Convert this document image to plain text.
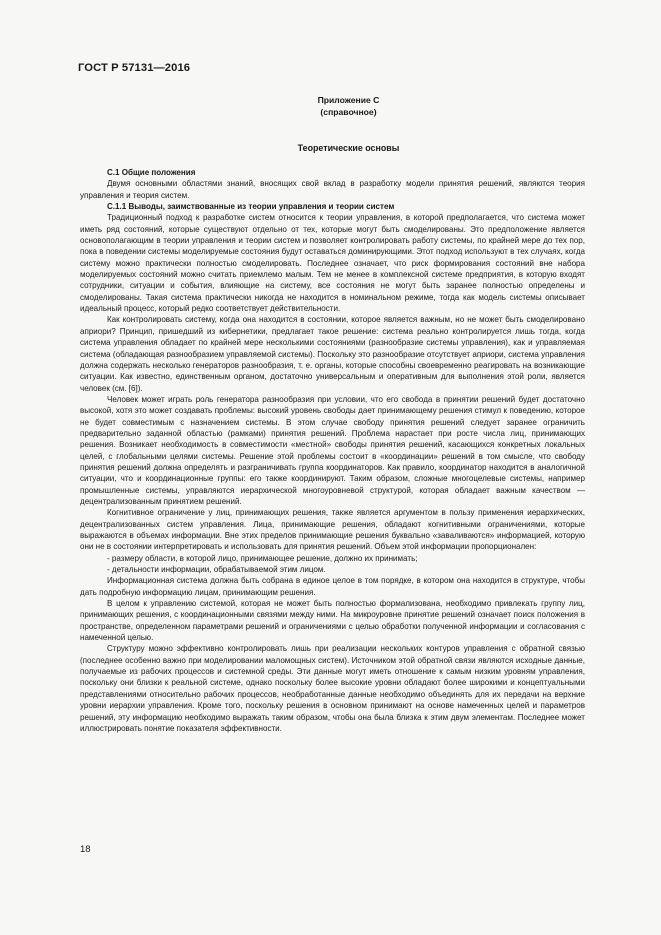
ГОСТ Р 57131—2016
Приложение С
(справочное)
Теоретические основы

С.1 Общие положения

Двумя основными областями знаний, вносящих свой вклад в разработку модели принятия решений, являются теория управления и теория систем.

С.1.1 Выводы, заимствованные из теории управления и теории систем

Традиционный подход к разработке систем относится к теории управления, в которой предполагается, что система может иметь ряд состояний, которые существуют отдельно от тех, которые могут быть смоделированы. Это предположение является основополагающим в теории управления и теории систем и позволяет контролировать работу системы, по крайней мере до тех пор, пока в поведении системы моделируемые состояния будут оставаться доминирующими. Этот подход используют в тех случаях, когда систему можно практически полностью смоделировать. Последнее означает, что риск формирования состояний вне набора моделируемых состояний можно считать приемлемо малым. Тем не менее в комплексной системе предприятия, в которую входят сотрудники, ситуации и события, влияющие на систему, все состояния не могут быть заранее полностью определены и смоделированы. Такая система практически никогда не находится в номинальном режиме, тогда как модель системы описывает идеальный процесс, который редко соответствует действительности.

Как контролировать систему, когда она находится в состоянии, которое является важным, но не может быть смоделировано априори? Принцип, пришедший из кибернетики, предлагает такое решение: система реально контролируется лишь тогда, когда система управления обладает по крайней мере несколькими состояниями (разнообразие системы управления), как и управляемая система (обладающая разнообразием управляемой системы). Поскольку это разнообразие отсутствует априори, система управления должна содержать несколько генераторов разнообразия, т. е. органы, которые способны своевременно реагировать на возникающие ситуации. Как известно, единственным органом, достаточно универсальным и оперативным для выполнения этой роли, является человек (см. [6]).

Человек может играть роль генератора разнообразия при условии, что его свобода в принятии решений будет достаточно высокой, хотя это может создавать проблемы: высокий уровень свободы дает принимающему решения стимул к поведению, которое не будет совместимым с назначением системы. В этом случае свободу принятия решений следует заранее ограничить предварительно заданной областью (рамками) принятия решений. Проблема нарастает при росте числа лиц, принимающих решения. Возникает необходимость в совместимости «местной» свободы принятия решений, касающихся конкретных локальных целей, с глобальными целями системы. Решение этой проблемы состоит в «координации» решений в том смысле, что свободу принятия решений должна определять и разграничивать группа координаторов. Как правило, координатор находится в аналогичной ситуации, что и координационные группы: его также координируют. Таким образом, сложные многоцелевые системы, например промышленные системы, управляются иерархической многоуровневой структурой, которая обладает важным качеством — децентрализованным принятием решений.

Когнитивное ограничение у лиц, принимающих решения, также является аргументом в пользу применения иерархических, децентрализованных систем управления. Лица, принимающие решения, обладают когнитивными ограничениями, которые выражаются в объемах информации. Вне этих пределов принимающие решения буквально «заваливаются» информацией, которую они не в состоянии интерпретировать и использовать для принятия решений. Объем этой информации пропорционален:

- размеру области, в которой лицо, принимающее решение, должно их принимать;

- детальности информации, обрабатываемой этим лицом.

Информационная система должна быть собрана в единое целое в том порядке, в котором она находится в структуре, чтобы дать подробную информацию лицам, принимающим решения.

В целом к управлению системой, которая не может быть полностью формализована, необходимо привлекать группу лиц, принимающих решения, с координационными связями между ними. На микроуровне принятие решений означает поиск положения в пространстве, определенном параметрами решений и ограничениями с целью обработки полученной информации и согласования с намеченной целью.

Структуру можно эффективно контролировать лишь при реализации нескольких контуров управления с обратной связью (последнее особенно важно при моделировании маломощных систем). Источником этой обратной связи являются исходные данные, получаемые из рабочих процессов и системной среды. Эти данные могут иметь отношение к самым низким уровням управления, поскольку они близки к реальной системе, однако поскольку более высокие уровни обладают более широкими и концептуальными представлениями относительно рабочих процессов, необработанные данные необходимо объединять для их передачи на верхние уровни иерархии управления. Кроме того, поскольку решения в основном принимают на основе намеченных целей и параметров решений, эту информацию необходимо выражать таким образом, чтобы она была близка к этим двум элементам. Последнее может иллюстрировать понятие показателя эффективности.

18
